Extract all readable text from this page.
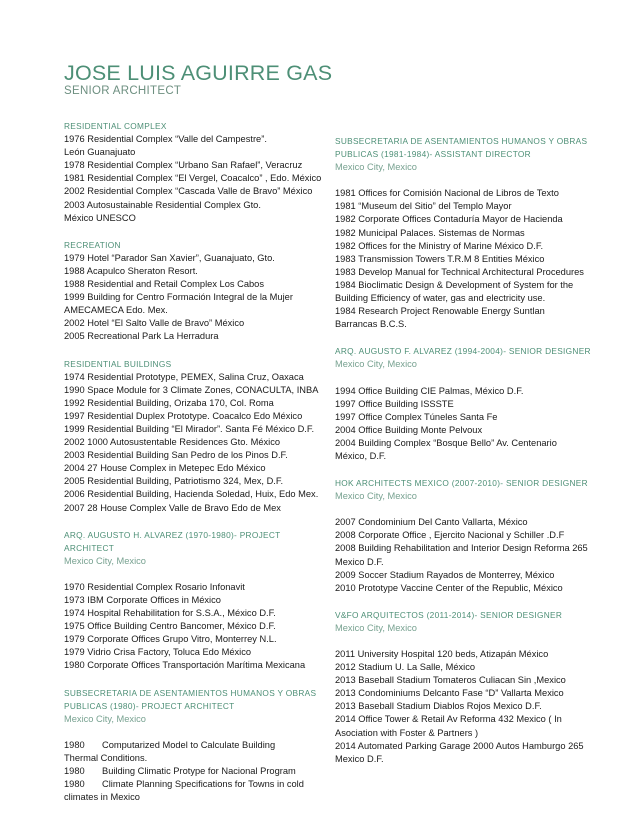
JOSE LUIS AGUIRRE GAS
SENIOR ARCHITECT
RESIDENTIAL COMPLEX
1976 Residential Complex “Valle del Campestre”.
León Guanajuato
1978 Residential Complex “Urbano San Rafael”, Veracruz
1981 Residential Complex “El Vergel, Coacalco” , Edo. México
2002 Residential Complex “Cascada Valle de Bravo” México
2003 Autosustainable Residential Complex Gto.
México UNESCO
RECREATION
1979 Hotel “Parador San Xavier”, Guanajuato, Gto.
1988 Acapulco Sheraton Resort.
1988 Residential and Retail Complex Los Cabos
1999 Building for Centro Formación Integral de la Mujer
AMECAMECA Edo. Mex.
2002 Hotel “El Salto Valle de Bravo” México
2005 Recreational Park La Herradura
RESIDENTIAL BUILDINGS
1974 Residential Prototype, PEMEX, Salina Cruz, Oaxaca
1990 Space Module for 3 Climate Zones, CONACULTA, INBA
1992 Residential Building, Orizaba 170, Col. Roma
1997 Residential Duplex Prototype. Coacalco Edo México
1999 Residential Building “El Mirador”. Santa Fé México D.F.
2002 1000 Autosustentable Residences Gto. México
2003 Residential Building San Pedro de los Pinos D.F.
2004 27 House Complex in Metepec Edo México
2005 Residential Building, Patriotismo 324, Mex, D.F.
2006 Residential Building, Hacienda Soledad, Huix, Edo Mex.
2007 28 House Complex Valle de Bravo Edo de Mex
ARQ. AUGUSTO H. ALVAREZ (1970-1980)- PROJECT ARCHITECT
Mexico City, Mexico
1970 Residential Complex Rosario Infonavit
1973 IBM Corporate Offices in México
1974 Hospital Rehabilitation for S.S.A., México D.F.
1975 Office Building Centro Bancomer, México D.F.
1979 Corporate Offices Grupo Vitro, Monterrey N.L.
1979 Vidrio Crisa Factory, Toluca Edo México
1980 Corporate Offices Transportación Marítima Mexicana
SUBSECRETARIA DE ASENTAMIENTOS HUMANOS Y OBRAS PUBLICAS (1980)- PROJECT ARCHITECT
Mexico City, Mexico
1980 Computarized Model to Calculate Building
Thermal Conditions.
1980 Building Climatic Protype for Nacional Program
1980 Climate Planning Specifications for Towns in cold
climates in Mexico
SUBSECRETARIA DE ASENTAMIENTOS HUMANOS Y OBRAS PUBLICAS (1981-1984)- ASSISTANT DIRECTOR
Mexico City, Mexico
1981 Offices for Comisión Nacional de Libros de Texto
1981 “Museum del Sitio” del Templo Mayor
1982 Corporate Offices Contaduría Mayor de Hacienda
1982 Municipal Palaces. Sistemas de Normas
1982 Offices for the Ministry of Marine México D.F.
1983 Transmission Towers T.R.M 8 Entities México
1983 Develop Manual for Technical Architectural Procedures
1984 Bioclimatic Design & Development of System for the
Building Efficiency of water, gas and electricity use.
1984 Research Project Renowable Energy Suntlan
Barrancas B.C.S.
ARQ. AUGUSTO F. ALVAREZ (1994-2004)- SENIOR DESIGNER
Mexico City, Mexico
1994 Office Building CIE Palmas, México D.F.
1997 Office Building ISSSTE
1997 Office Complex Túneles Santa Fe
2004 Office Building Monte Pelvoux
2004 Building Complex “Bosque Bello” Av. Centenario
México, D.F.
HOK ARCHITECTS MEXICO (2007-2010)- SENIOR DESIGNER
Mexico City, Mexico
2007 Condominium Del Canto Vallarta, México
2008 Corporate Office , Ejercito Nacional y Schiller .D.F
2008 Building Rehabilitation and Interior Design Reforma 265
Mexico D.F.
2009 Soccer Stadium Rayados de Monterrey, México
2010 Prototype Vaccine Center of the Republic, México
V&FO ARQUITECTOS (2011-2014)- SENIOR DESIGNER
Mexico City, Mexico
2011 University Hospital 120 beds, Atizapán México
2012 Stadium U. La Salle, México
2013 Baseball Stadium Tomateros Culiacan Sin ,Mexico
2013 Condominiums Delcanto Fase “D” Vallarta Mexico
2013 Baseball Stadium Diablos Rojos Mexico D.F.
2014 Office Tower & Retail Av Reforma 432 Mexico ( In
Asociation with Foster & Partners )
2014 Automated Parking Garage 2000 Autos Hamburgo 265
Mexico D.F.
